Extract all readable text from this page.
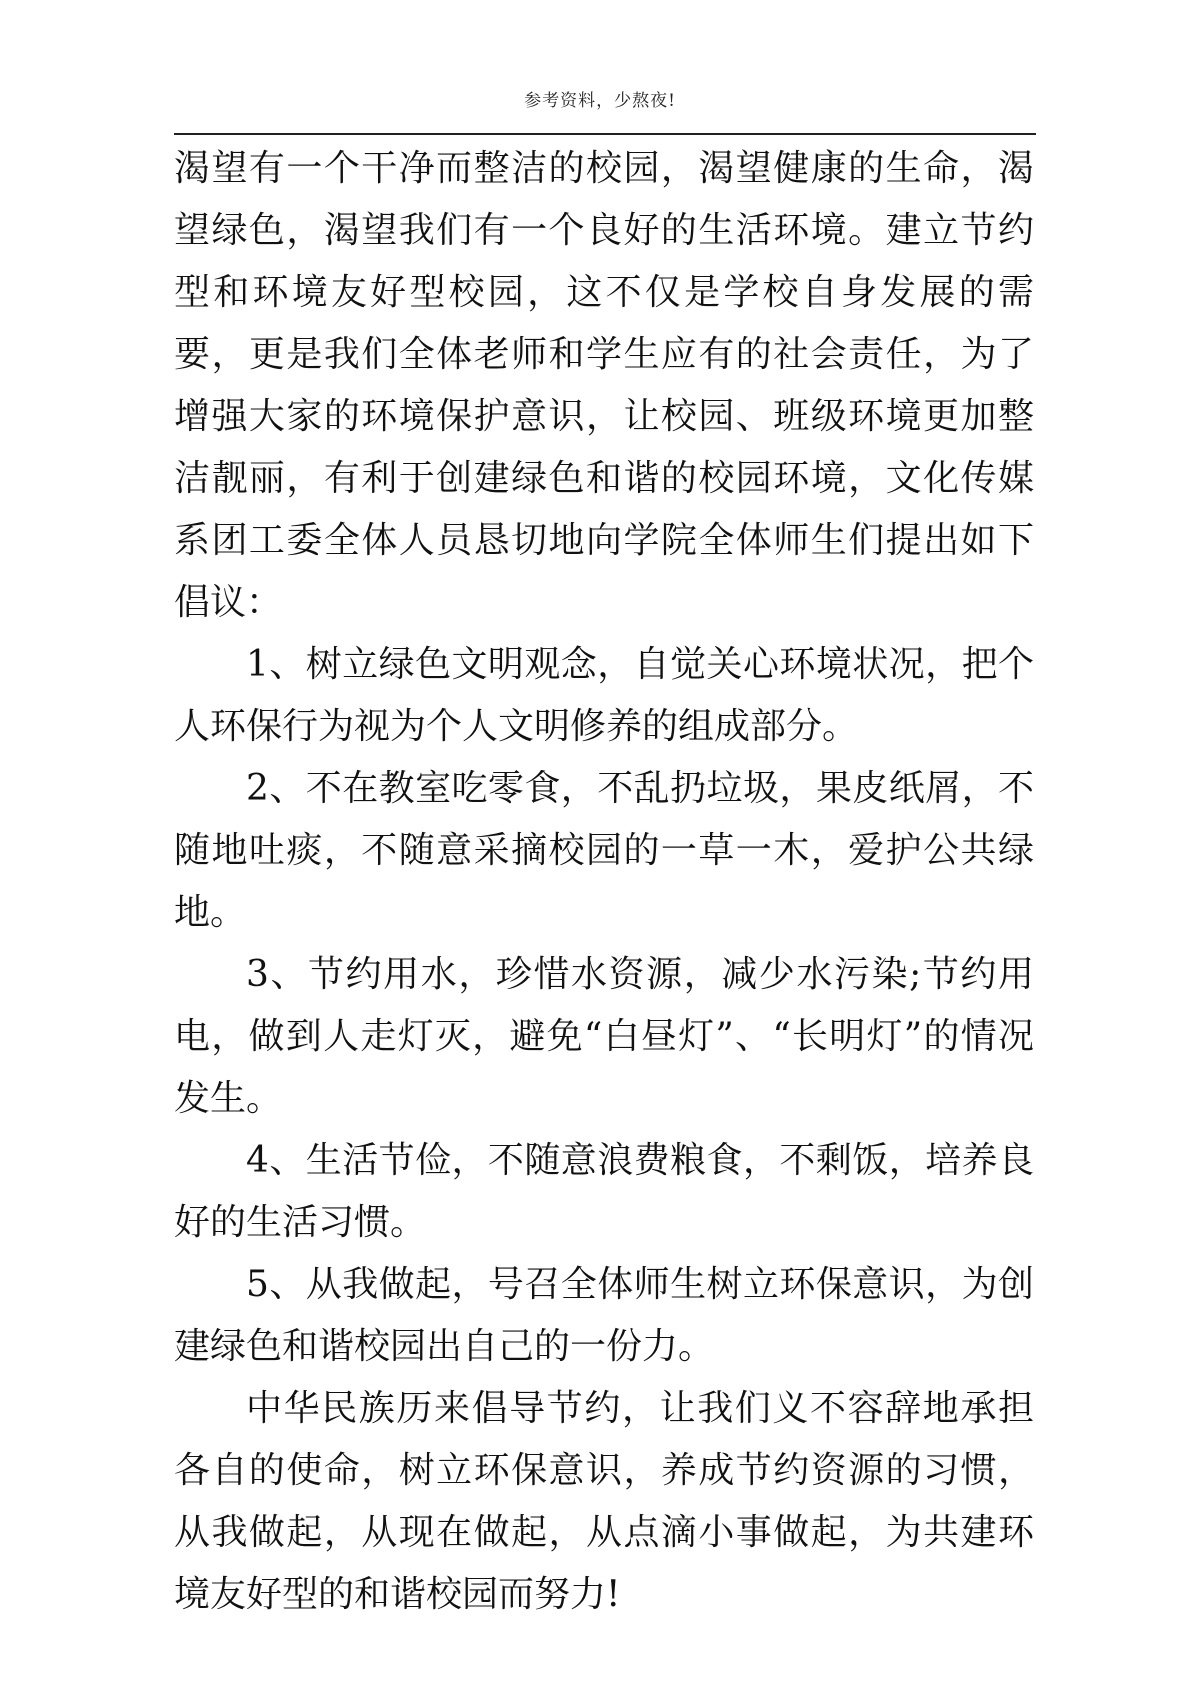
参考资料，少熬夜!

渴望有一个干净而整洁的校园，渴望健康的生命，渴望绿色，渴望我们有一个良好的生活环境。建立节约型和环境友好型校园，这不仅是学校自身发展的需要，更是我们全体老师和学生应有的社会责任，为了增强大家的环境保护意识，让校园、班级环境更加整洁靓丽，有利于创建绿色和谐的校园环境，文化传媒系团工委全体人员恳切地向学院全体师生们提出如下倡议：

1、树立绿色文明观念，自觉关心环境状况，把个人环保行为视为个人文明修养的组成部分。

2、不在教室吃零食，不乱扔垃圾，果皮纸屑，不随地吐痰，不随意采摘校园的一草一木，爱护公共绿地。

3、节约用水，珍惜水资源，减少水污染;节约用电，做到人走灯灭，避免“白昼灯”、“长明灯”的情况发生。

4、生活节俭，不随意浪费粮食，不剩饭，培养良好的生活习惯。

5、从我做起，号召全体师生树立环保意识，为创建绿色和谐校园出自己的一份力。

中华民族历来倡导节约，让我们义不容辞地承担各自的使命，树立环保意识，养成节约资源的习惯，从我做起，从现在做起，从点滴小事做起，为共建环境友好型的和谐校园而努力!
